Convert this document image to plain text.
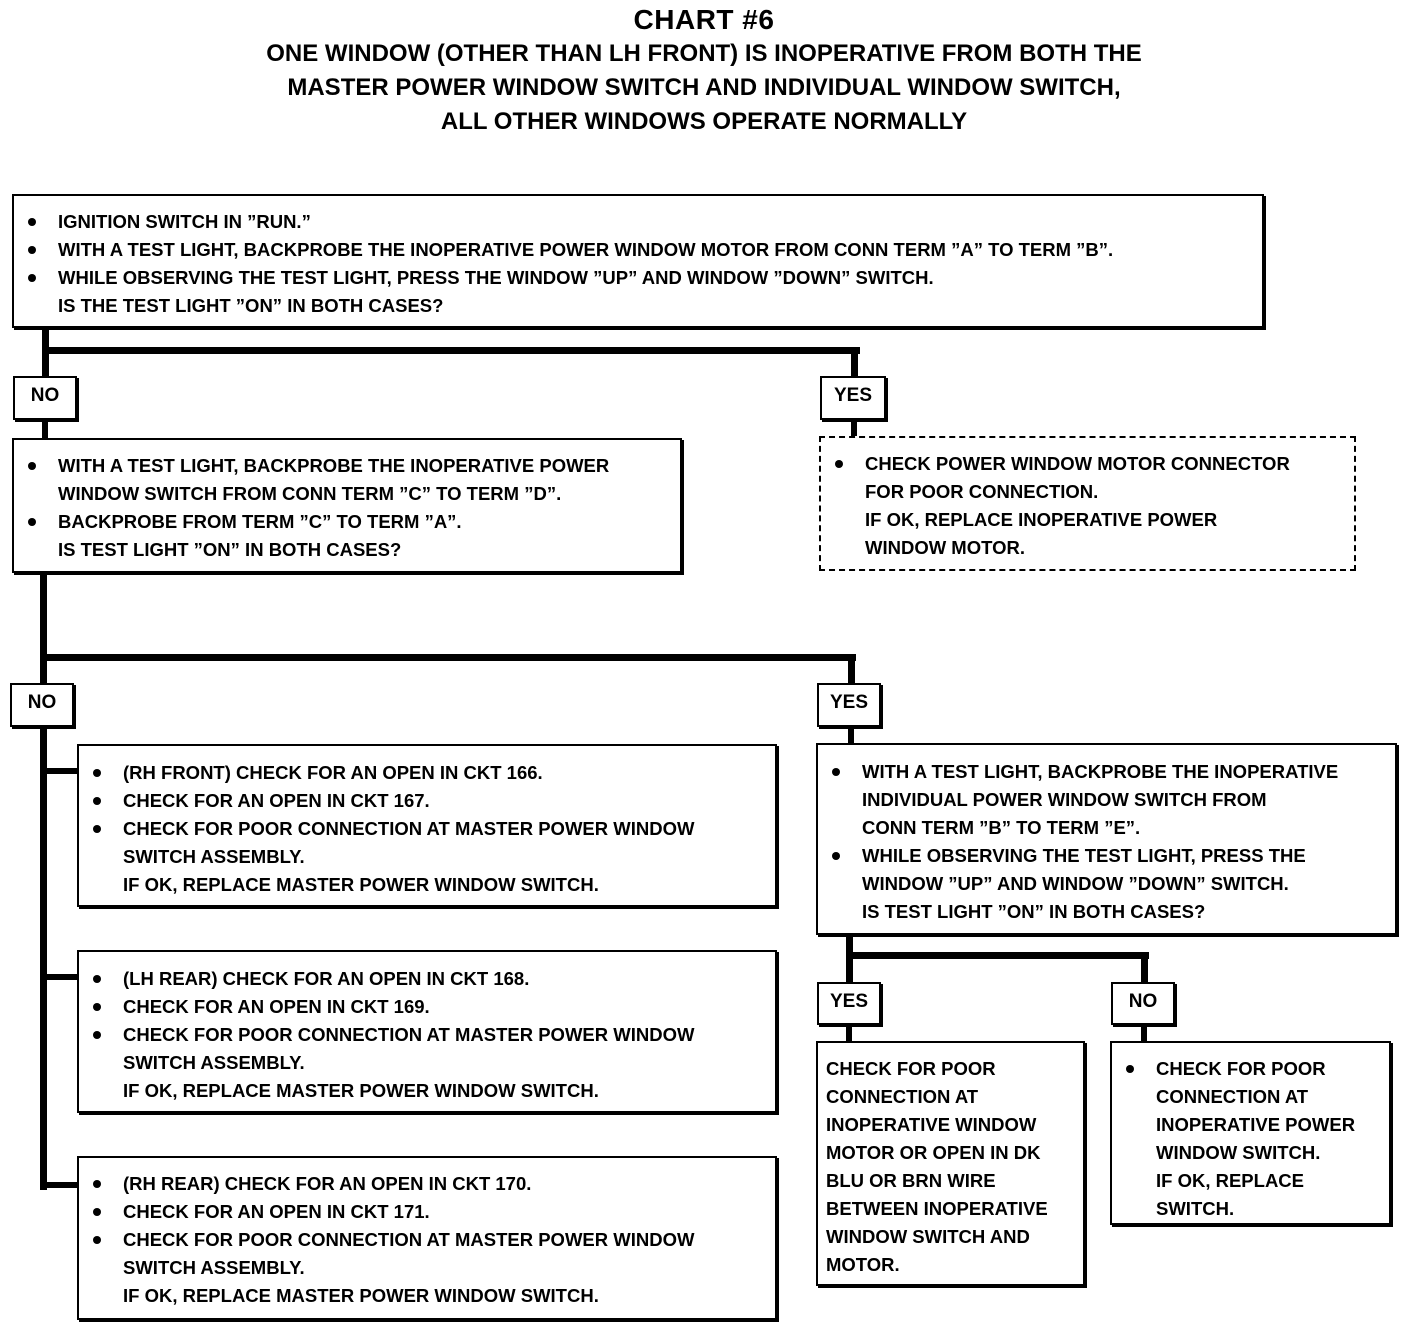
CHART #6
ONE WINDOW (OTHER THAN LH FRONT) IS INOPERATIVE FROM BOTH THE
MASTER POWER WINDOW SWITCH AND INDIVIDUAL WINDOW SWITCH,
ALL OTHER WINDOWS OPERATE NORMALLY
IGNITION SWITCH IN ”RUN.”
WITH A TEST LIGHT, BACKPROBE THE INOPERATIVE POWER WINDOW MOTOR FROM CONN TERM ”A” TO TERM ”B”.
WHILE OBSERVING THE TEST LIGHT, PRESS THE WINDOW ”UP” AND WINDOW ”DOWN” SWITCH.
IS THE TEST LIGHT ”ON” IN BOTH CASES?
NO	YES
WITH A TEST LIGHT, BACKPROBE THE INOPERATIVE POWER
WINDOW SWITCH FROM CONN TERM ”C” TO TERM ”D”.
BACKPROBE FROM TERM ”C” TO TERM ”A”.
IS TEST LIGHT ”ON” IN BOTH CASES?
CHECK POWER WINDOW MOTOR CONNECTOR
FOR POOR CONNECTION.
IF OK, REPLACE INOPERATIVE POWER
WINDOW MOTOR.
NO	YES
(RH FRONT) CHECK FOR AN OPEN IN CKT 166.
CHECK FOR AN OPEN IN CKT 167.
CHECK FOR POOR CONNECTION AT MASTER POWER WINDOW
SWITCH ASSEMBLY.
IF OK, REPLACE MASTER POWER WINDOW SWITCH.
(LH REAR) CHECK FOR AN OPEN IN CKT 168.
CHECK FOR AN OPEN IN CKT 169.
CHECK FOR POOR CONNECTION AT MASTER POWER WINDOW
SWITCH ASSEMBLY.
IF OK, REPLACE MASTER POWER WINDOW SWITCH.
(RH REAR) CHECK FOR AN OPEN IN CKT 170.
CHECK FOR AN OPEN IN CKT 171.
CHECK FOR POOR CONNECTION AT MASTER POWER WINDOW
SWITCH ASSEMBLY.
IF OK, REPLACE MASTER POWER WINDOW SWITCH.
WITH A TEST LIGHT, BACKPROBE THE INOPERATIVE
INDIVIDUAL POWER WINDOW SWITCH FROM
CONN TERM ”B” TO TERM ”E”.
WHILE OBSERVING THE TEST LIGHT, PRESS THE
WINDOW ”UP” AND WINDOW ”DOWN” SWITCH.
IS TEST LIGHT ”ON” IN BOTH CASES?
YES	NO
CHECK FOR POOR
CONNECTION AT
INOPERATIVE WINDOW
MOTOR OR OPEN IN DK
BLU OR BRN WIRE
BETWEEN INOPERATIVE
WINDOW SWITCH AND
MOTOR.
CHECK FOR POOR
CONNECTION AT
INOPERATIVE POWER
WINDOW SWITCH.
IF OK, REPLACE
SWITCH.
